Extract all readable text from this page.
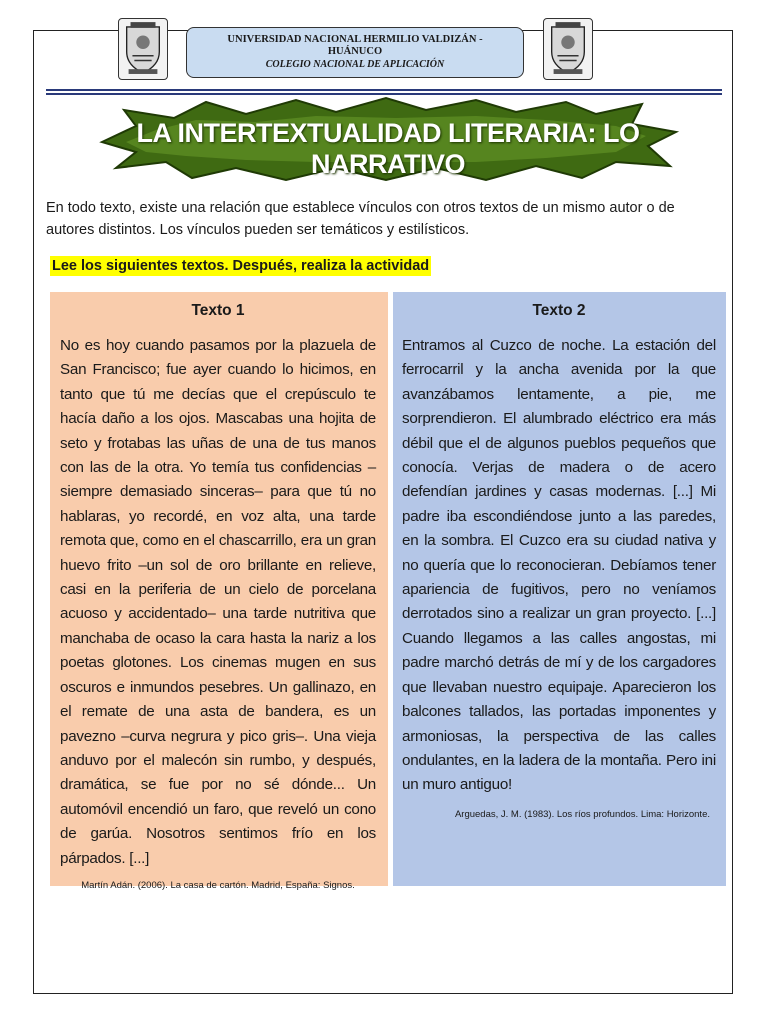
UNIVERSIDAD NACIONAL HERMILIO VALDIZÁN - HUÁNUCO
COLEGIO NACIONAL DE APLICACIÓN
LA INTERTEXTUALIDAD LITERARIA: LO NARRATIVO
En todo texto, existe una relación que establece vínculos con otros textos de un mismo autor o de autores distintos. Los vínculos pueden ser temáticos y estilísticos.
Lee los siguientes textos. Después, realiza la actividad
Texto 1
No es hoy cuando pasamos por la plazuela de San Francisco; fue ayer cuando lo hicimos, en tanto que tú me decías que el crepúsculo te hacía daño a los ojos. Mascabas una hojita de seto y frotabas las uñas de una de tus manos con las de la otra. Yo temía tus confidencias –siempre demasiado sinceras– para que tú no hablaras, yo recordé, en voz alta, una tarde remota que, como en el chascarrillo, era un gran huevo frito –un sol de oro brillante en relieve, casi en la periferia de un cielo de porcelana acuoso y accidentado– una tarde nutritiva que manchaba de ocaso la cara hasta la nariz a los poetas glotones. Los cinemas mugen en sus oscuros e inmundos pesebres. Un gallinazo, en el remate de una asta de bandera, es un pavezno –curva negrura y pico gris–. Una vieja anduvo por el malecón sin rumbo, y después, dramática, se fue por no sé dónde... Un automóvil encendió un faro, que reveló un cono de garúa. Nosotros sentimos frío en los párpados. [...]
Martín Adán. (2006). La casa de cartón. Madrid, España: Signos.
Texto 2
Entramos al Cuzco de noche. La estación del ferrocarril y la ancha avenida por la que avanzábamos lentamente, a pie, me sorprendieron. El alumbrado eléctrico era más débil que el de algunos pueblos pequeños que conocía. Verjas de madera o de acero defendían jardines y casas modernas. [...] Mi padre iba escondiéndose junto a las paredes, en la sombra. El Cuzco era su ciudad nativa y no quería que lo reconocieran. Debíamos tener apariencia de fugitivos, pero no veníamos derrotados sino a realizar un gran proyecto. [...] Cuando llegamos a las calles angostas, mi padre marchó detrás de mí y de los cargadores que llevaban nuestro equipaje. Aparecieron los balcones tallados, las portadas imponentes y armoniosas, la perspectiva de las calles ondulantes, en la ladera de la montaña. Pero ini un muro antiguo!
Arguedas, J. M. (1983). Los ríos profundos. Lima: Horizonte.
